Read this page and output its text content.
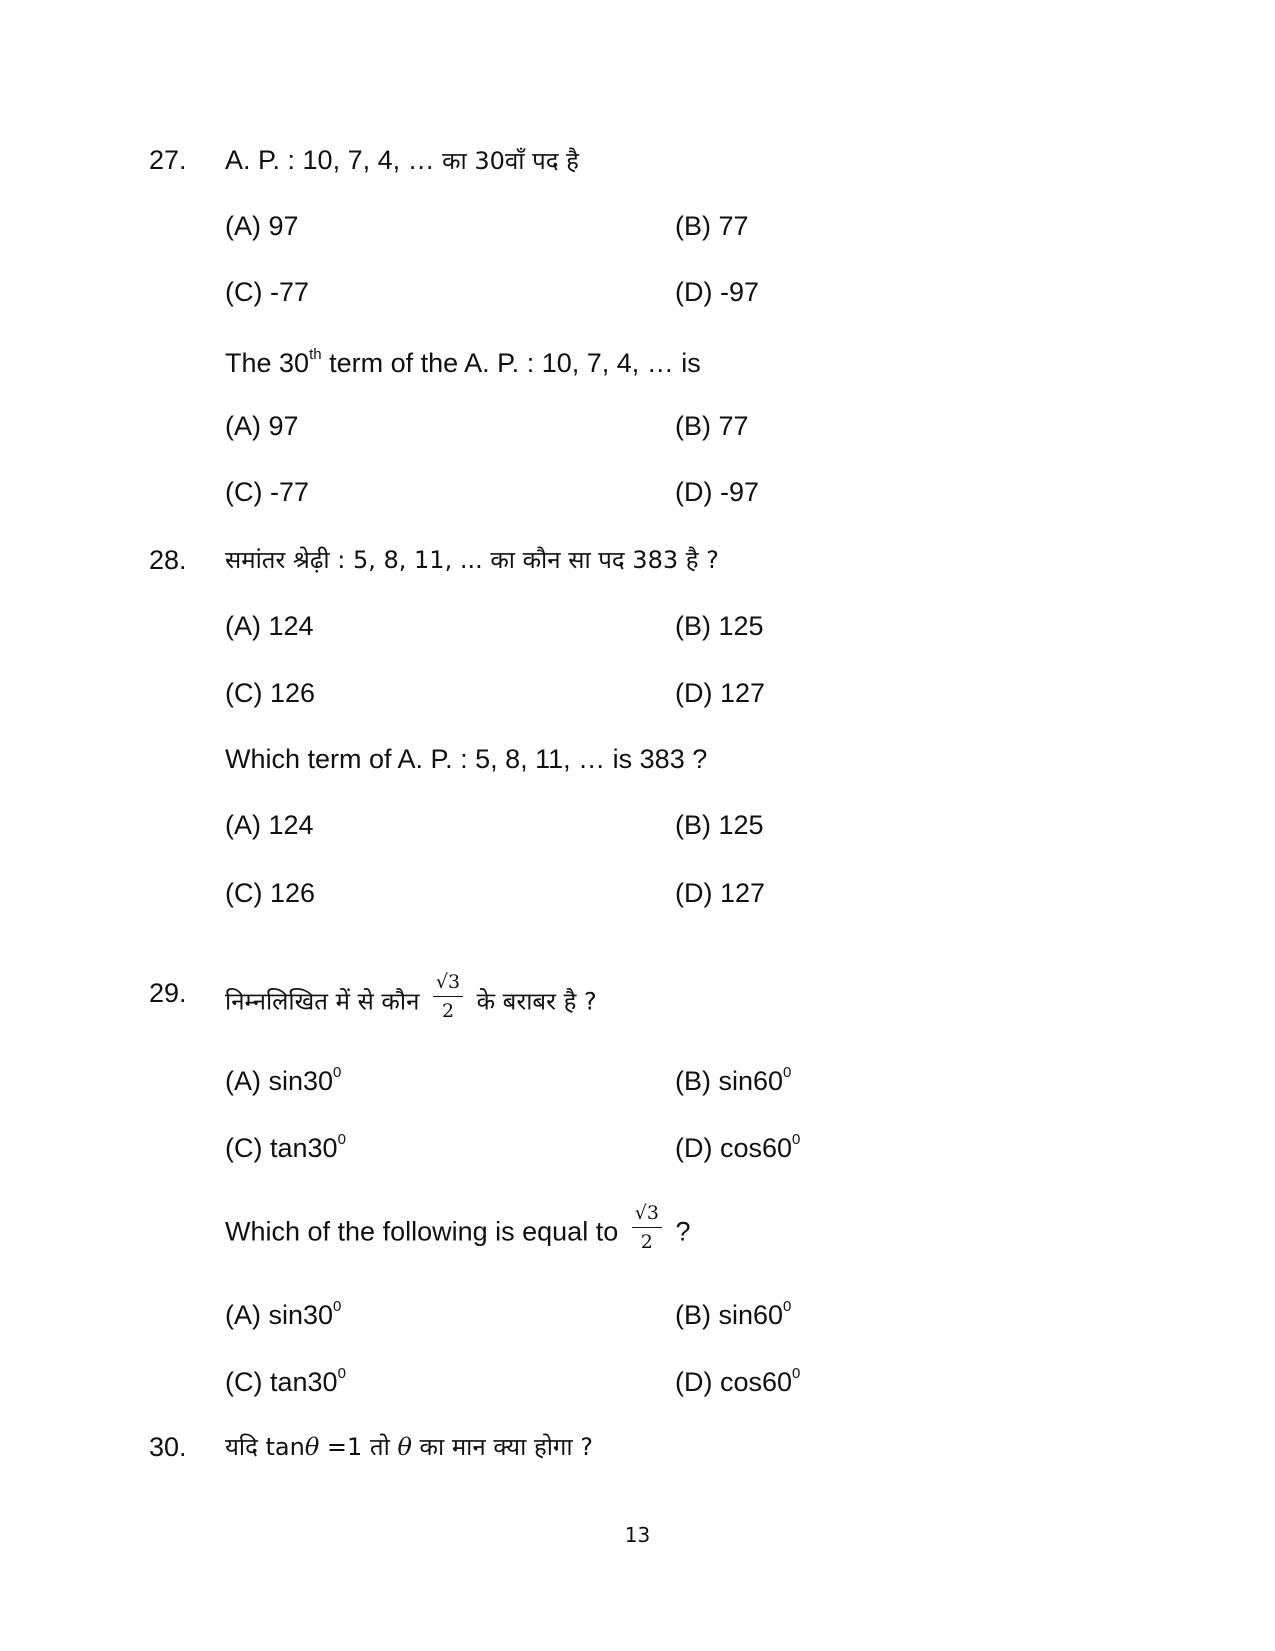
27. A. P. : 10, 7, 4, … का 30वाँ पद है
(A) 97	(B) 77
(C) -77	(D) -97
The 30th term of the A. P. : 10, 7, 4, … is
(A) 97	(B) 77
(C) -77	(D) -97
28. समांतर श्रेढ़ी : 5, 8, 11, ... का कौन सा पद 383 है ?
(A) 124	(B) 125
(C) 126	(D) 127
Which term of A. P. : 5, 8, 11, … is 383 ?
(A) 124	(B) 125
(C) 126	(D) 127
29. निम्नलिखित में से कौन $\frac{√3}{2}$ के बराबर है ?
(A) $\sin 30^0$	(B) $\sin 60^0$
(C) $\tan 30^0$	(D) $\cos 60^0$
Which of the following is equal to $\frac{√3}{2}$ ?
(A) $\sin 30^0$	(B) $\sin 60^0$
(C) $\tan 30^0$	(D) $\cos 60^0$
30. यदि tanθ =1 तो θ का मान क्या होगा ?
13
